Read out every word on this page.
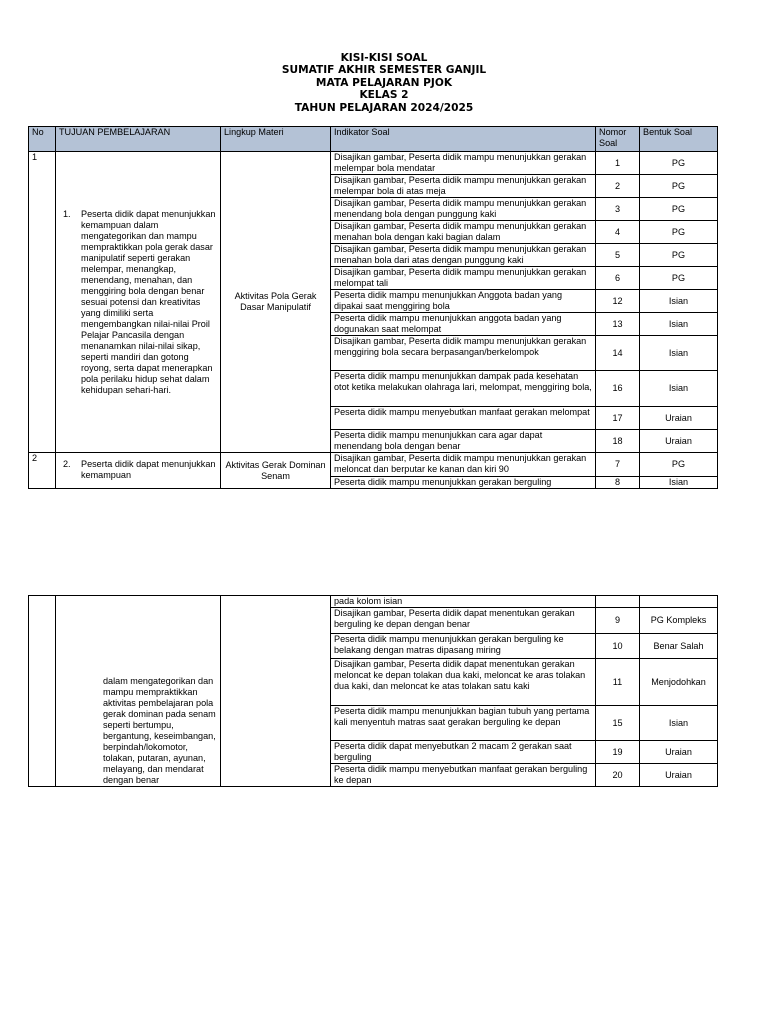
KISI-KISI SOAL
SUMATIF AKHIR SEMESTER GANJIL
MATA PELAJARAN PJOK
KELAS 2
TAHUN PELAJARAN 2024/2025
No	TUJUAN PEMBELAJARAN	Lingkup Materi	Indikator Soal	Nomor Soal	Bentuk Soal
1	1. Peserta didik dapat menunjukkan kemampuan dalam mengategorikan dan mampu mempraktikkan pola gerak dasar manipulatif seperti gerakan melempar, menangkap, menendang, menahan, dan menggiring bola dengan benar sesuai potensi dan kreativitas yang dimiliki serta mengembangkan nilai-nilai Proil Pelajar Pancasila dengan menanamkan nilai-nilai sikap, seperti mandiri dan gotong royong, serta dapat menerapkan pola perilaku hidup sehat dalam kehidupan sehari-hari.	Aktivitas Pola Gerak Dasar Manipulatif	Disajikan gambar, Peserta didik mampu menunjukkan gerakan melempar bola mendatar	1	PG
			Disajikan gambar, Peserta didik mampu menunjukkan gerakan melempar bola di atas meja	2	PG
			Disajikan gambar, Peserta didik mampu menunjukkan gerakan menendang bola dengan punggung kaki	3	PG
			Disajikan gambar, Peserta didik mampu menunjukkan gerakan menahan bola dengan kaki bagian dalam	4	PG
			Disajikan gambar, Peserta didik mampu menunjukkan gerakan menahan bola dari atas dengan punggung kaki	5	PG
			Disajikan gambar, Peserta didik mampu menunjukkan gerakan melompat tali	6	PG
			Peserta didik mampu menunjukkan Anggota badan yang dipakai saat menggiring bola	12	Isian
			Peserta didik mampu menunjukkan anggota badan yang dogunakan saat melompat	13	Isian
			Disajikan gambar, Peserta didik mampu menunjukkan gerakan menggiring bola secara berpasangan/berkelompok	14	Isian
			Peserta didik mampu menunjukkan dampak pada kesehatan otot ketika melakukan olahraga lari, melompat, menggiring bola,	16	Isian
			Peserta didik mampu menyebutkan manfaat gerakan melompat	17	Uraian
			Peserta didik mampu menunjukkan cara agar dapat menendang bola dengan benar	18	Uraian
2	2. Peserta didik dapat menunjukkan kemampuan	Aktivitas Gerak Dominan Senam	Disajikan gambar, Peserta didik mampu menunjukkan gerakan meloncat dan berputar ke kanan dan kiri 90	7	PG
			Peserta didik mampu menunjukkan gerakan berguling	8	Isian
	dalam mengategorikan dan mampu mempraktikkan aktivitas pembelajaran pola gerak dominan pada senam seperti bertumpu, bergantung, keseimbangan, berpindah/lokomotor, tolakan, putaran, ayunan, melayang, dan mendarat dengan benar		pada kolom isian		
			Disajikan gambar, Peserta didik dapat menentukan gerakan berguling ke depan dengan benar	9	PG Kompleks
			Peserta didik mampu menunjukkan gerakan berguling ke belakang dengan matras dipasang miring	10	Benar Salah
			Disajikan gambar, Peserta didik dapat menentukan gerakan meloncat ke depan tolakan dua kaki, meloncat ke aras tolakan dua kaki, dan meloncat ke atas tolakan satu kaki	11	Menjodohkan
			Peserta didik mampu menunjukkan bagian tubuh yang pertama kali menyentuh matras saat gerakan berguling ke depan	15	Isian
			Peserta didik dapat menyebutkan 2 macam 2 gerakan saat berguling	19	Uraian
			Peserta didik mampu menyebutkan manfaat gerakan berguling ke depan	20	Uraian
